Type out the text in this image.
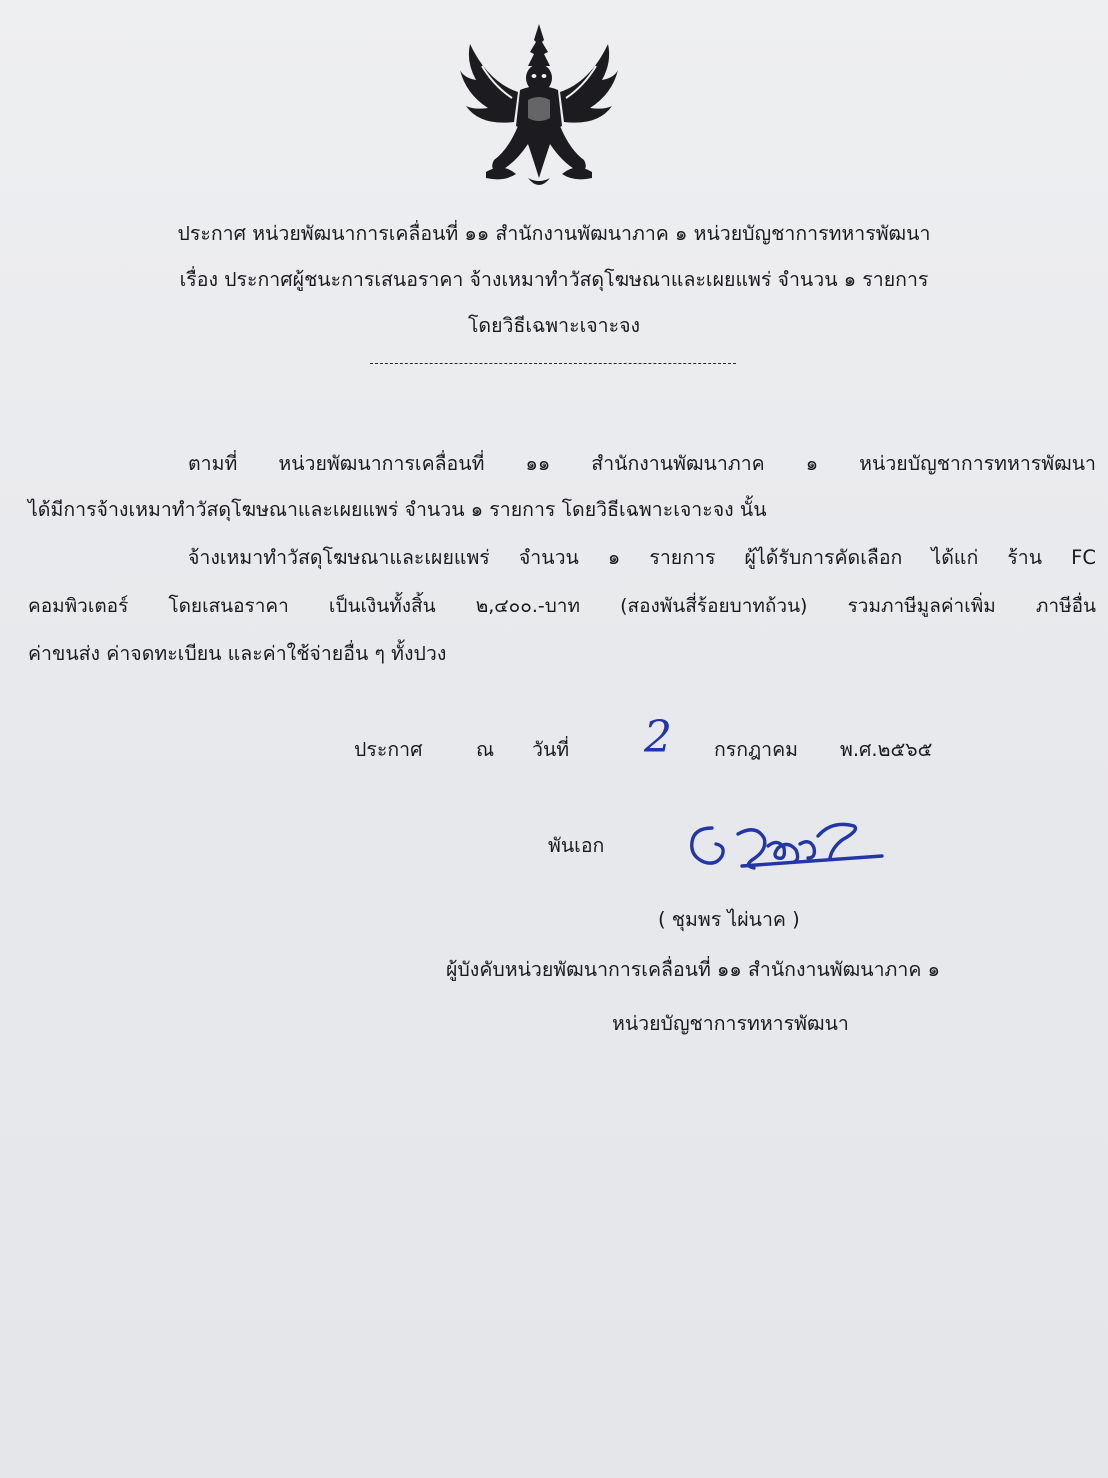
ประกาศ หน่วยพัฒนาการเคลื่อนที่ ๑๑ สำนักงานพัฒนาภาค ๑ หน่วยบัญชาการทหารพัฒนา
เรื่อง ประกาศผู้ชนะการเสนอราคา จ้างเหมาทำวัสดุโฆษณาและเผยแพร่ จำนวน ๑ รายการ
โดยวิธีเฉพาะเจาะจง
ตามที่ หน่วยพัฒนาการเคลื่อนที่ ๑๑ สำนักงานพัฒนาภาค ๑ หน่วยบัญชาการทหารพัฒนา
ได้มีการจ้างเหมาทำวัสดุโฆษณาและเผยแพร่ จำนวน ๑ รายการ โดยวิธีเฉพาะเจาะจง นั้น
จ้างเหมาทำวัสดุโฆษณาและเผยแพร่ จำนวน ๑ รายการ ผู้ได้รับการคัดเลือก ได้แก่ ร้าน FC
คอมพิวเตอร์ โดยเสนอราคา เป็นเงินทั้งสิ้น ๒,๔๐๐.-บาท (สองพันสี่ร้อยบาทถ้วน) รวมภาษีมูลค่าเพิ่ม ภาษีอื่น
ค่าขนส่ง ค่าจดทะเบียน และค่าใช้จ่ายอื่น ๆ ทั้งปวง
ประกาศ	ณ วันที่ 2 กรกฎาคม พ.ศ.๒๕๖๕
พันเอก
( ชุมพร ไผ่นาค )
ผู้บังคับหน่วยพัฒนาการเคลื่อนที่ ๑๑ สำนักงานพัฒนาภาค ๑
หน่วยบัญชาการทหารพัฒนา
